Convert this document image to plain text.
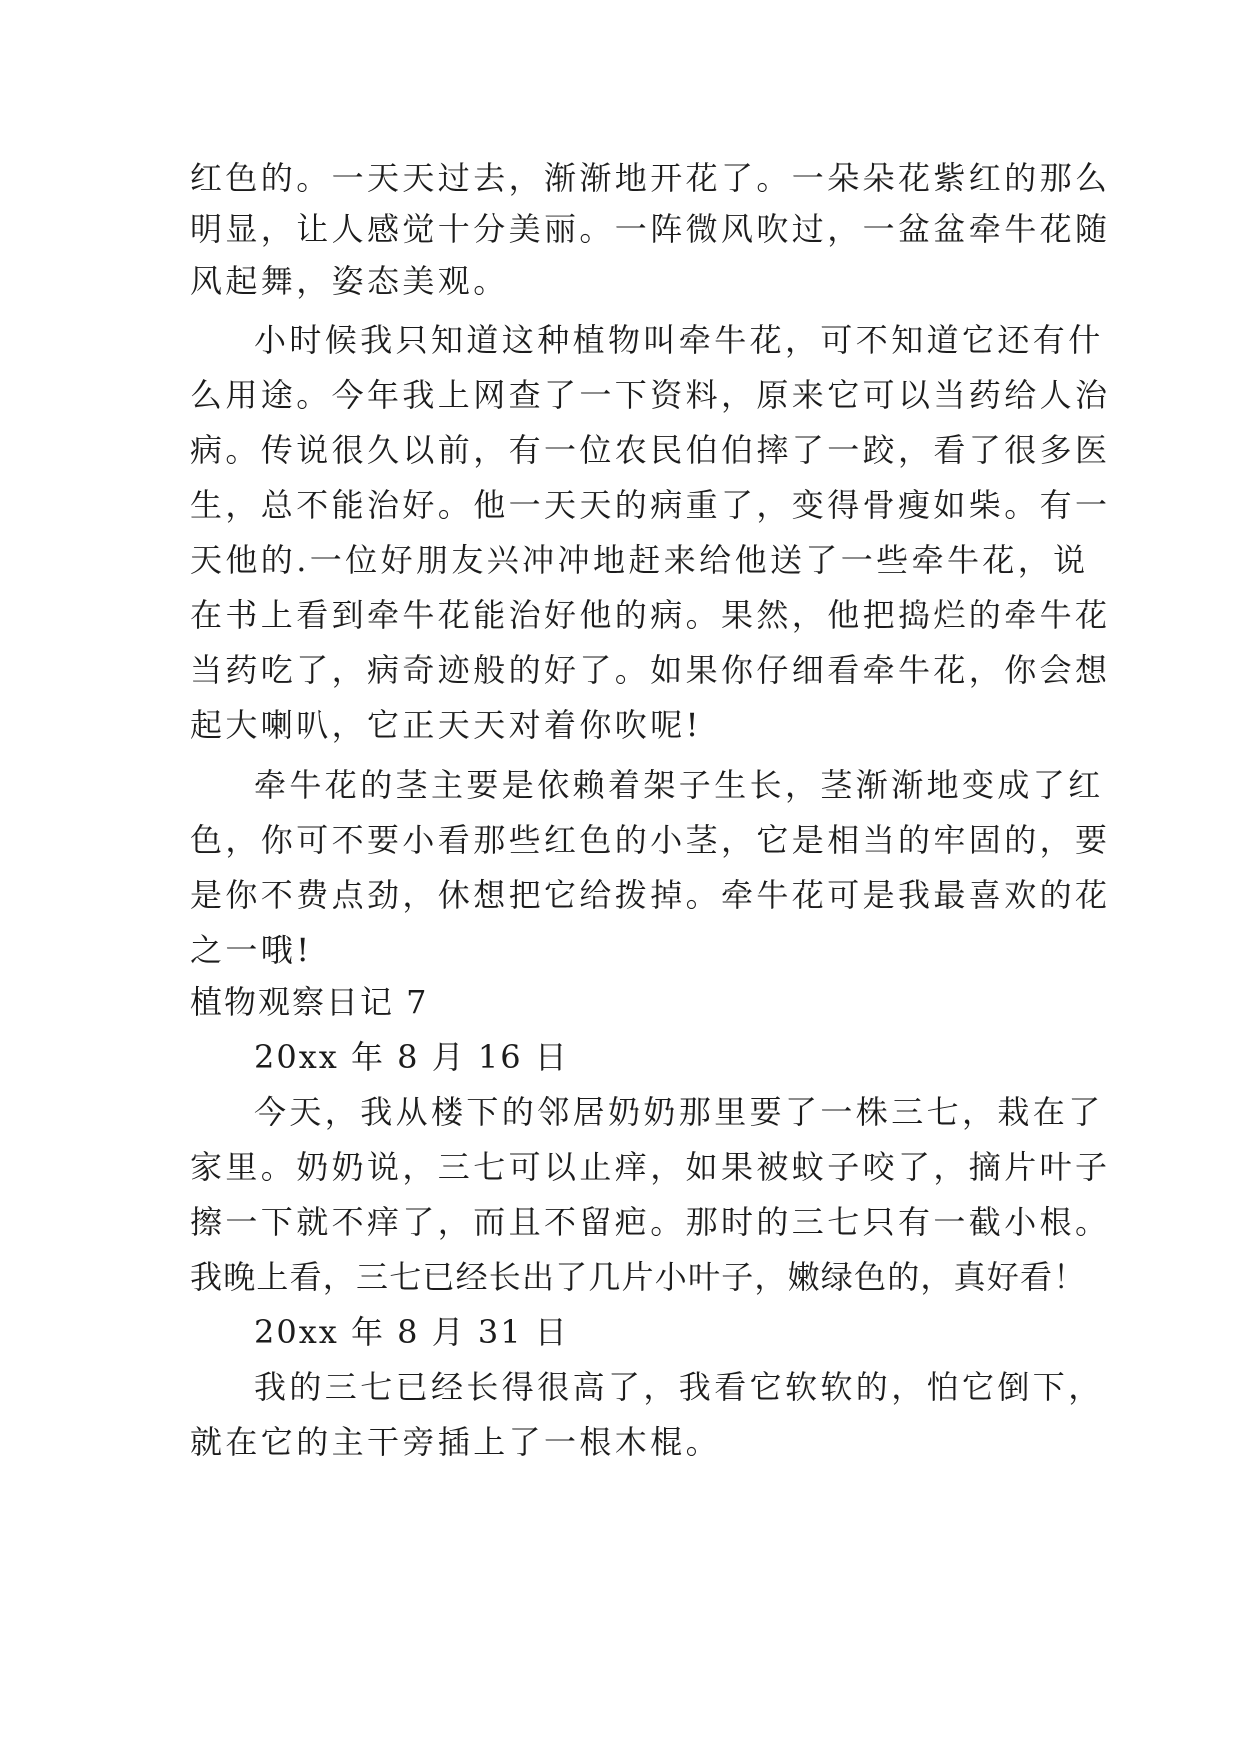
红色的。一天天过去，渐渐地开花了。一朵朵花紫红的那么

明显，让人感觉十分美丽。一阵微风吹过，一盆盆牵牛花随

风起舞，姿态美观。

小时候我只知道这种植物叫牵牛花，可不知道它还有什

么用途。今年我上网查了一下资料，原来它可以当药给人治

病。传说很久以前，有一位农民伯伯摔了一跤，看了很多医

生，总不能治好。他一天天的病重了，变得骨瘦如柴。有一

天他的.一位好朋友兴冲冲地赶来给他送了一些牵牛花，说

在书上看到牵牛花能治好他的病。果然，他把捣烂的牵牛花

当药吃了，病奇迹般的好了。如果你仔细看牵牛花，你会想

起大喇叭，它正天天对着你吹呢!

牵牛花的茎主要是依赖着架子生长，茎渐渐地变成了红

色，你可不要小看那些红色的小茎，它是相当的牢固的，要

是你不费点劲，休想把它给拨掉。牵牛花可是我最喜欢的花

之一哦!

植物观察日记 7

20xx 年 8 月 16 日

今天，我从楼下的邻居奶奶那里要了一株三七，栽在了

家里。奶奶说，三七可以止痒，如果被蚊子咬了，摘片叶子

擦一下就不痒了，而且不留疤。那时的三七只有一截小根。

我晚上看，三七已经长出了几片小叶子，嫩绿色的，真好看！

20xx 年 8 月 31 日

我的三七已经长得很高了，我看它软软的，怕它倒下，

就在它的主干旁插上了一根木棍。
